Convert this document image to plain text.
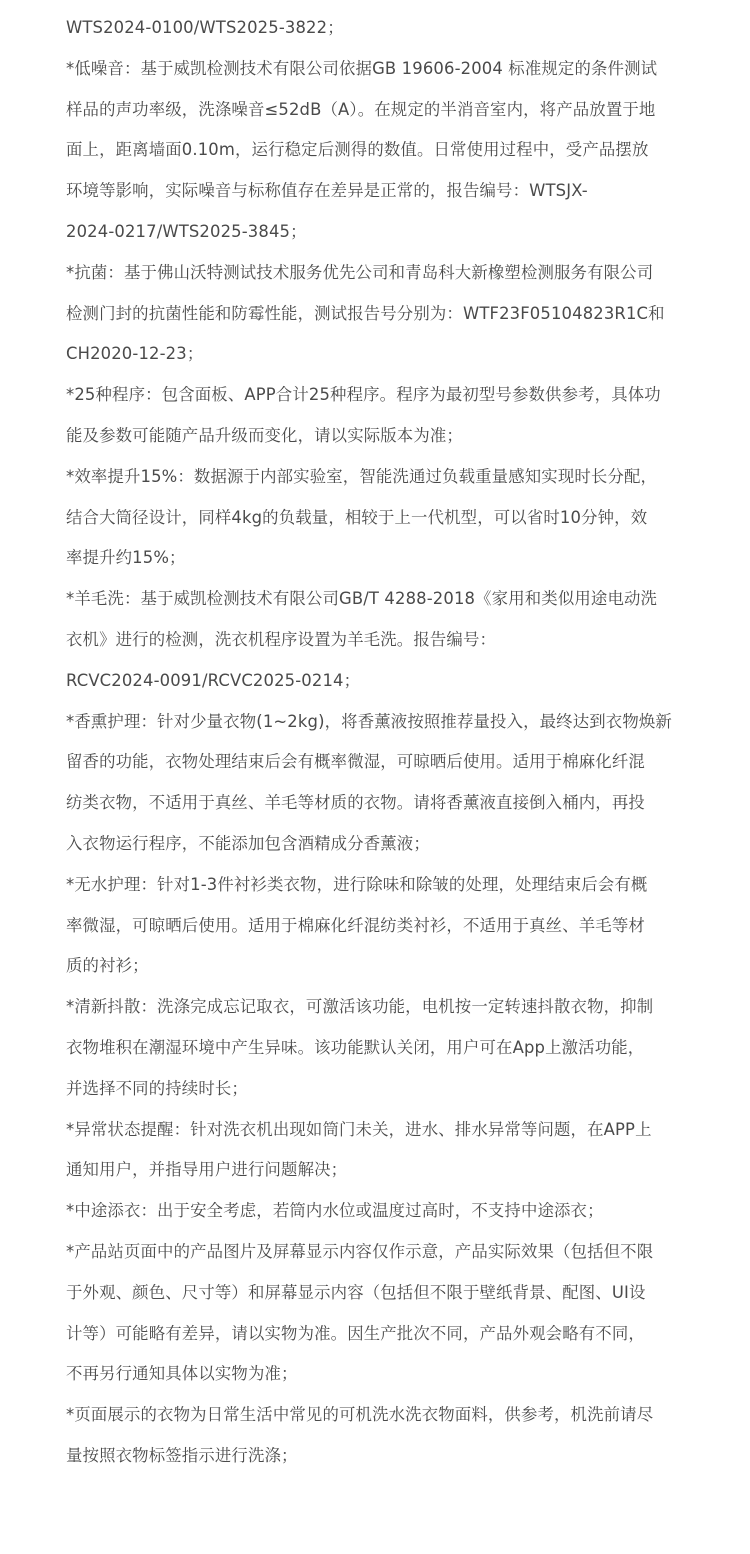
WTS2024-0100/WTS2025-3822；

*低噪音：基于威凯检测技术有限公司依据GB 19606-2004 标准规定的条件测试
样品的声功率级，洗涤噪音≤52dB（A）。在规定的半消音室内，将产品放置于地
面上，距离墙面0.10m，运行稳定后测得的数值。日常使用过程中，受产品摆放
环境等影响，实际噪音与标称值存在差异是正常的，报告编号：WTSJX-
2024-0217/WTS2025-3845；

*抗菌：基于佛山沃特测试技术服务优先公司和青岛科大新橡塑检测服务有限公司
检测门封的抗菌性能和防霉性能，测试报告号分别为：WTF23F05104823R1C和
CH2020-12-23；

*25种程序：包含面板、APP合计25种程序。程序为最初型号参数供参考，具体功
能及参数可能随产品升级而变化，请以实际版本为准；

*效率提升15%：数据源于内部实验室，智能洗通过负载重量感知实现时长分配，
结合大筒径设计，同样4kg的负载量，相较于上一代机型，可以省时10分钟，效
率提升约15%；

*羊毛洗：基于威凯检测技术有限公司GB/T 4288-2018《家用和类似用途电动洗
衣机》进行的检测，洗衣机程序设置为羊毛洗。报告编号：
RCVC2024-0091/RCVC2025-0214；

*香熏护理：针对少量衣物(1~2kg)，将香薰液按照推荐量投入，最终达到衣物焕新
留香的功能，衣物处理结束后会有概率微湿，可晾晒后使用。适用于棉麻化纤混
纺类衣物，不适用于真丝、羊毛等材质的衣物。请将香薰液直接倒入桶内，再投
入衣物运行程序，不能添加包含酒精成分香薰液；

*无水护理：针对1-3件衬衫类衣物，进行除味和除皱的处理，处理结束后会有概
率微湿，可晾晒后使用。适用于棉麻化纤混纺类衬衫，不适用于真丝、羊毛等材
质的衬衫；

*清新抖散：洗涤完成忘记取衣，可激活该功能，电机按一定转速抖散衣物，抑制
衣物堆积在潮湿环境中产生异味。该功能默认关闭，用户可在App上激活功能，
并选择不同的持续时长；

*异常状态提醒：针对洗衣机出现如筒门未关，进水、排水异常等问题，在APP上
通知用户，并指导用户进行问题解决；

*中途添衣：出于安全考虑，若筒内水位或温度过高时，不支持中途添衣；

*产品站页面中的产品图片及屏幕显示内容仅作示意，产品实际效果（包括但不限
于外观、颜色、尺寸等）和屏幕显示内容（包括但不限于壁纸背景、配图、UI设
计等）可能略有差异，请以实物为准。因生产批次不同，产品外观会略有不同，
不再另行通知具体以实物为准；

*页面展示的衣物为日常生活中常见的可机洗水洗衣物面料，供参考，机洗前请尽
量按照衣物标签指示进行洗涤；
